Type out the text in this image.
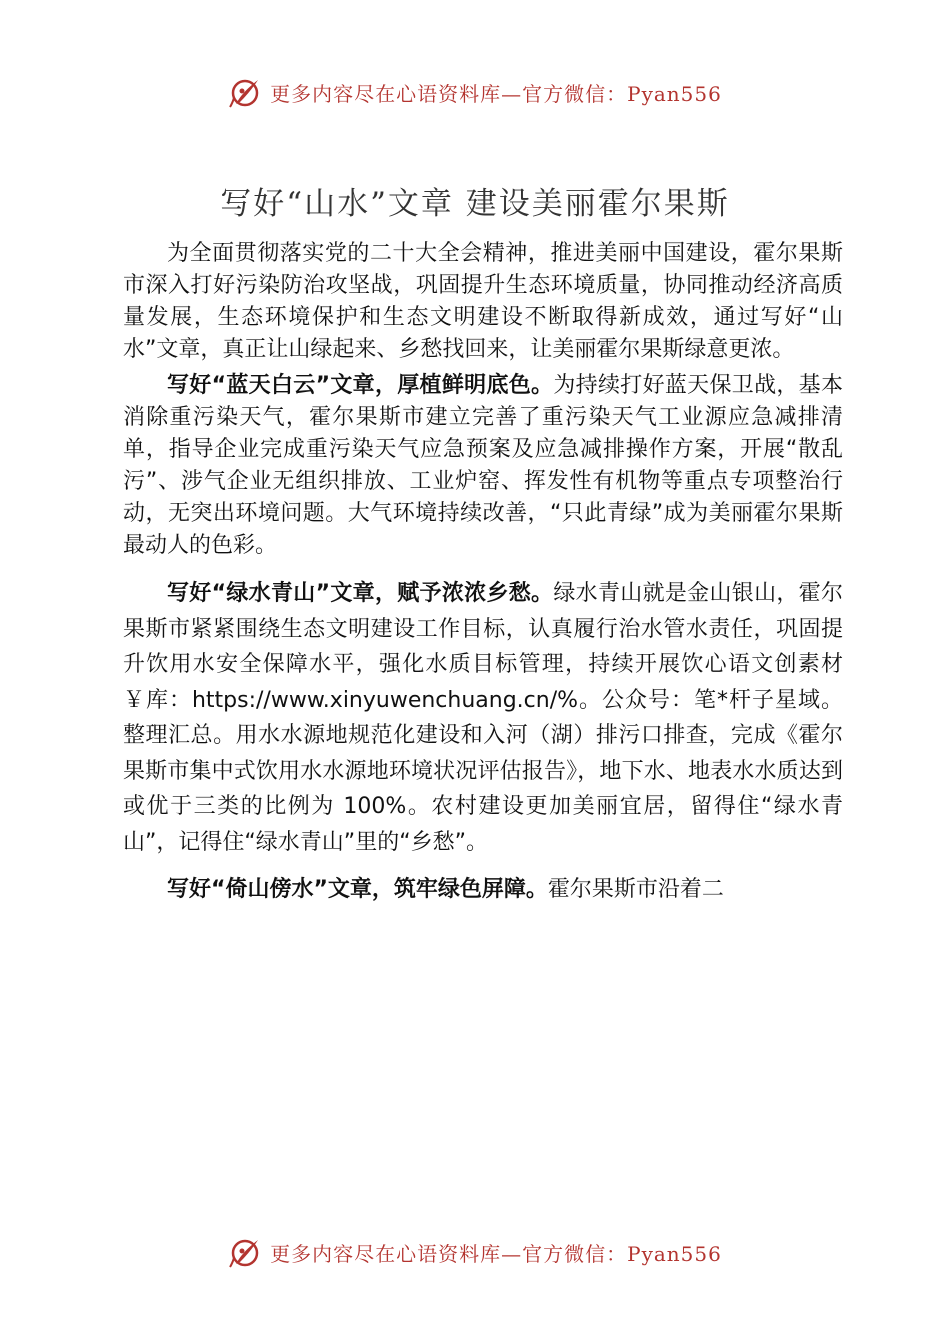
更多内容尽在心语资料库—官方微信：Pyan556
写好“山水”文章 建设美丽霍尔果斯

为全面贯彻落实党的二十大全会精神，推进美丽中国建设，霍尔果斯市深入打好污染防治攻坚战，巩固提升生态环境质量，协同推动经济高质量发展，生态环境保护和生态文明建设不断取得新成效，通过写好“山水”文章，真正让山绿起来、乡愁找回来，让美丽霍尔果斯绿意更浓。

写好“蓝天白云”文章，厚植鲜明底色。为持续打好蓝天保卫战，基本消除重污染天气，霍尔果斯市建立完善了重污染天气工业源应急减排清单，指导企业完成重污染天气应急预案及应急减排操作方案，开展“散乱污”、涉气企业无组织排放、工业炉窑、挥发性有机物等重点专项整治行动，无突出环境问题。大气环境持续改善，“只此青绿”成为美丽霍尔果斯最动人的色彩。

写好“绿水青山”文章，赋予浓浓乡愁。绿水青山就是金山银山，霍尔果斯市紧紧围绕生态文明建设工作目标，认真履行治水管水责任，巩固提升饮用水安全保障水平，强化水质目标管理，持续开展饮心语文创素材￥库：https://www.xinyuwenchuang.cn/%。公众号：笔*杆子星域。整理汇总。用水水源地规范化建设和入河（湖）排污口排查，完成《霍尔果斯市集中式饮用水水源地环境状况评估报告》，地下水、地表水水质达到或优于三类的比例为 100%。农村建设更加美丽宜居，留得住“绿水青山”，记得住“绿水青山”里的“乡愁”。

写好“倚山傍水”文章，筑牢绿色屏障。霍尔果斯市沿着二

更多内容尽在心语资料库—官方微信：Pyan556
